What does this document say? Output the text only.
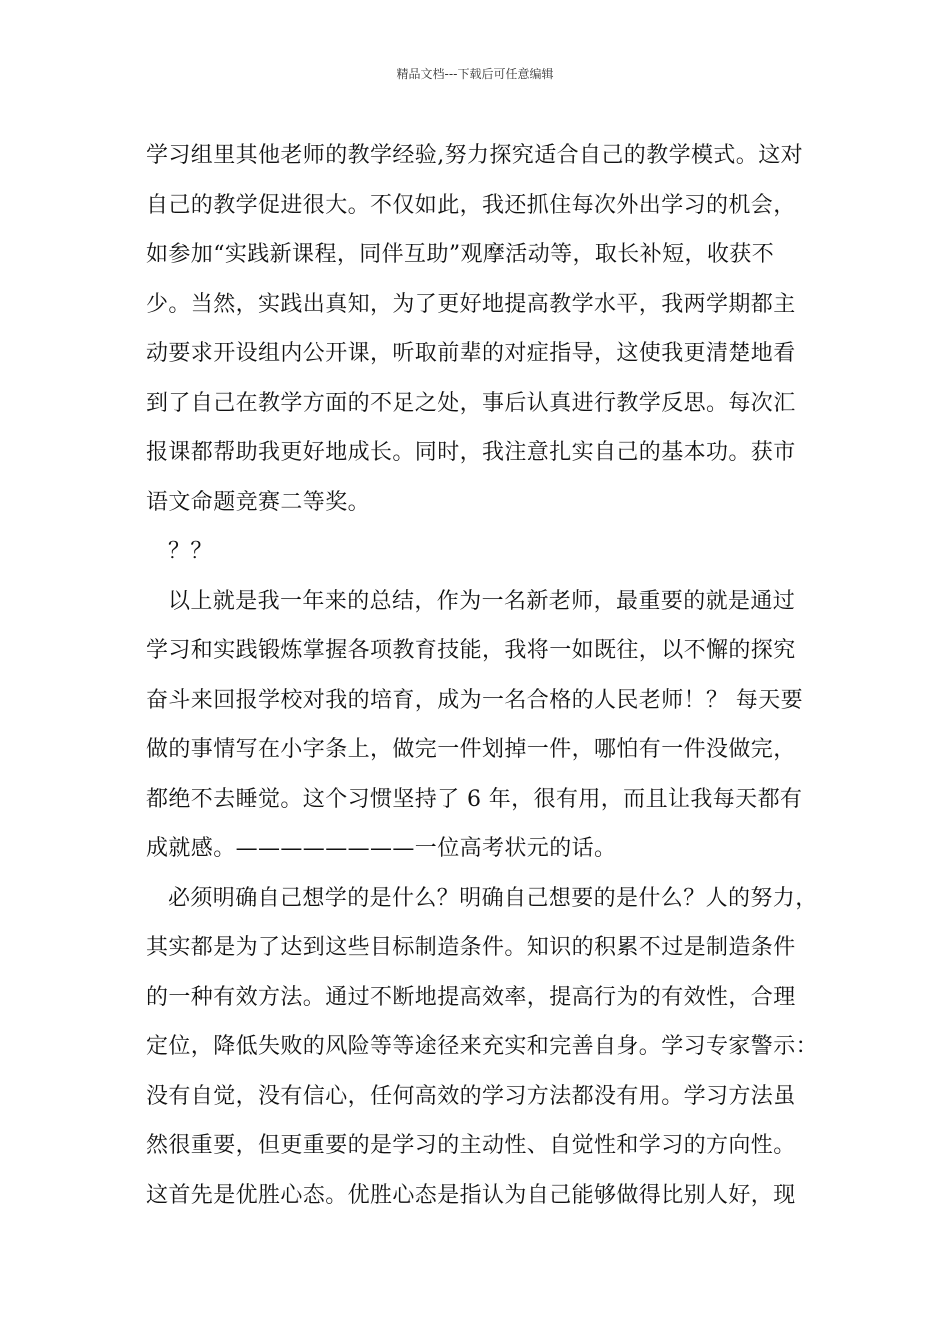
精品文档---下载后可任意编辑
学习组里其他老师的教学经验,努力探究适合自己的教学模式。这对
自己的教学促进很大。不仅如此，我还抓住每次外出学习的机会，
如参加“实践新课程，同伴互助”观摩活动等，取长补短，收获不
少。当然，实践出真知，为了更好地提高教学水平，我两学期都主
动要求开设组内公开课，听取前辈的对症指导，这使我更清楚地看
到了自己在教学方面的不足之处，事后认真进行教学反思。每次汇
报课都帮助我更好地成长。同时，我注意扎实自己的基本功。获市
语文命题竞赛二等奖。
？？
以上就是我一年来的总结，作为一名新老师，最重要的就是通过
学习和实践锻炼掌握各项教育技能，我将一如既往，以不懈的探究
奋斗来回报学校对我的培育，成为一名合格的人民老师！？ 每天要
做的事情写在小字条上，做完一件划掉一件，哪怕有一件没做完，
都绝不去睡觉。这个习惯坚持了 6 年，很有用，而且让我每天都有
成就感。————————一位高考状元的话。
必须明确自己想学的是什么？明确自己想要的是什么？人的努力，
其实都是为了达到这些目标制造条件。知识的积累不过是制造条件
的一种有效方法。通过不断地提高效率，提高行为的有效性，合理
定位，降低失败的风险等等途径来充实和完善自身。学习专家警示：
没有自觉，没有信心，任何高效的学习方法都没有用。学习方法虽
然很重要，但更重要的是学习的主动性、自觉性和学习的方向性。
这首先是优胜心态。优胜心态是指认为自己能够做得比别人好，现
